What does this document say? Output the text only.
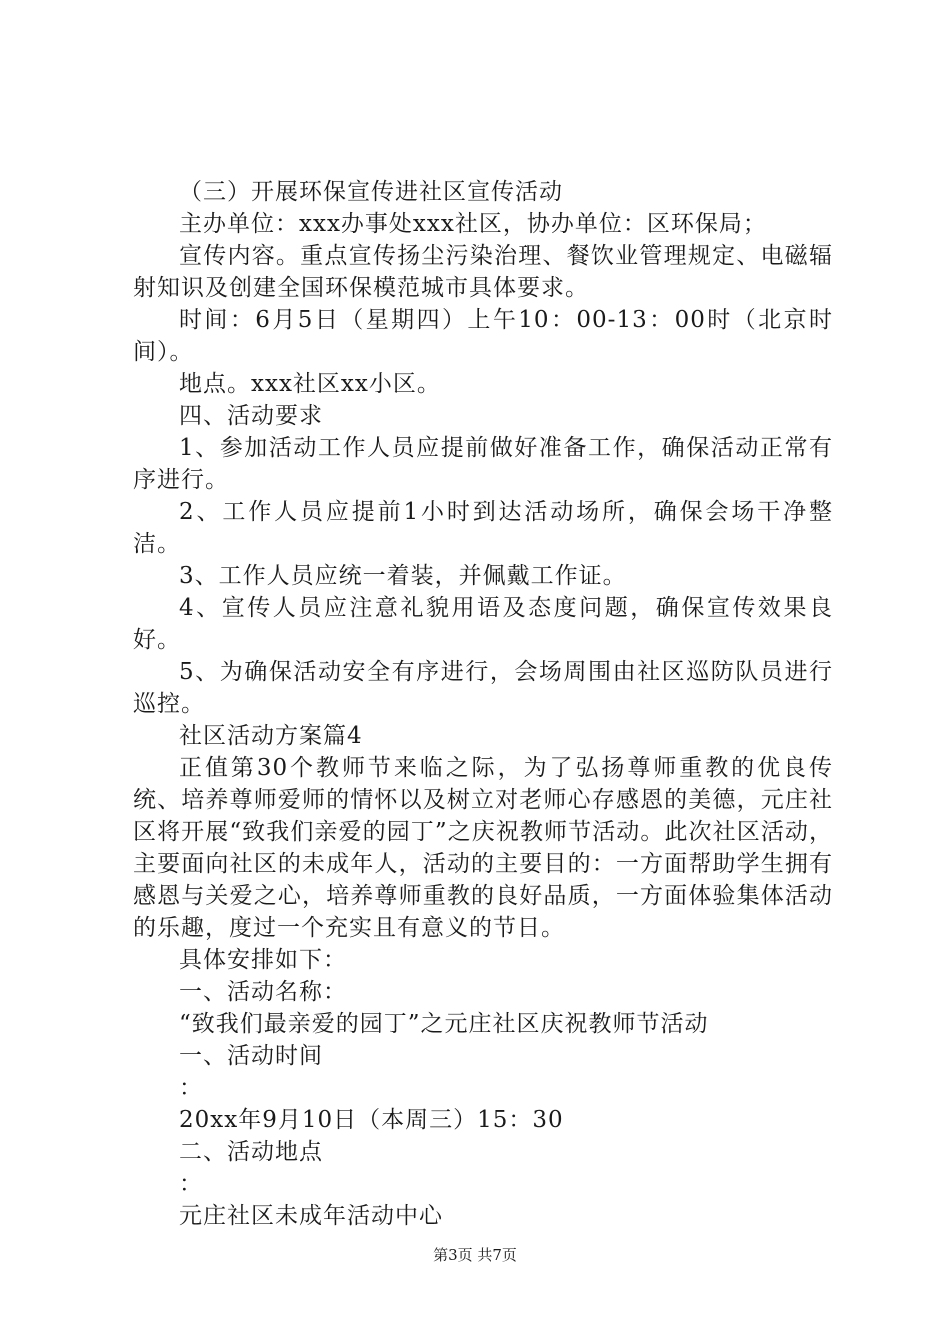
（三）开展环保宣传进社区宣传活动

主办单位：xxx办事处xxx社区，协办单位：区环保局；

宣传内容。重点宣传扬尘污染治理、餐饮业管理规定、电磁辐射知识及创建全国环保模范城市具体要求。

时间：6月5日（星期四）上午10：00-13：00时（北京时间）。

地点。xxx社区xx小区。

四、活动要求

1、参加活动工作人员应提前做好准备工作，确保活动正常有序进行。

2、工作人员应提前1小时到达活动场所，确保会场干净整洁。

3、工作人员应统一着装，并佩戴工作证。

4、宣传人员应注意礼貌用语及态度问题，确保宣传效果良好。

5、为确保活动安全有序进行，会场周围由社区巡防队员进行巡控。

社区活动方案篇4

正值第30个教师节来临之际，为了弘扬尊师重教的优良传统、培养尊师爱师的情怀以及树立对老师心存感恩的美德，元庄社区将开展“致我们亲爱的园丁”之庆祝教师节活动。此次社区活动，主要面向社区的未成年人，活动的主要目的：一方面帮助学生拥有感恩与关爱之心，培养尊师重教的良好品质，一方面体验集体活动的乐趣，度过一个充实且有意义的节日。

具体安排如下：

一、活动名称：

“致我们最亲爱的园丁”之元庄社区庆祝教师节活动

一、活动时间

：

20xx年9月10日（本周三）15：30

二、活动地点

：

元庄社区未成年活动中心

第3页 共7页
